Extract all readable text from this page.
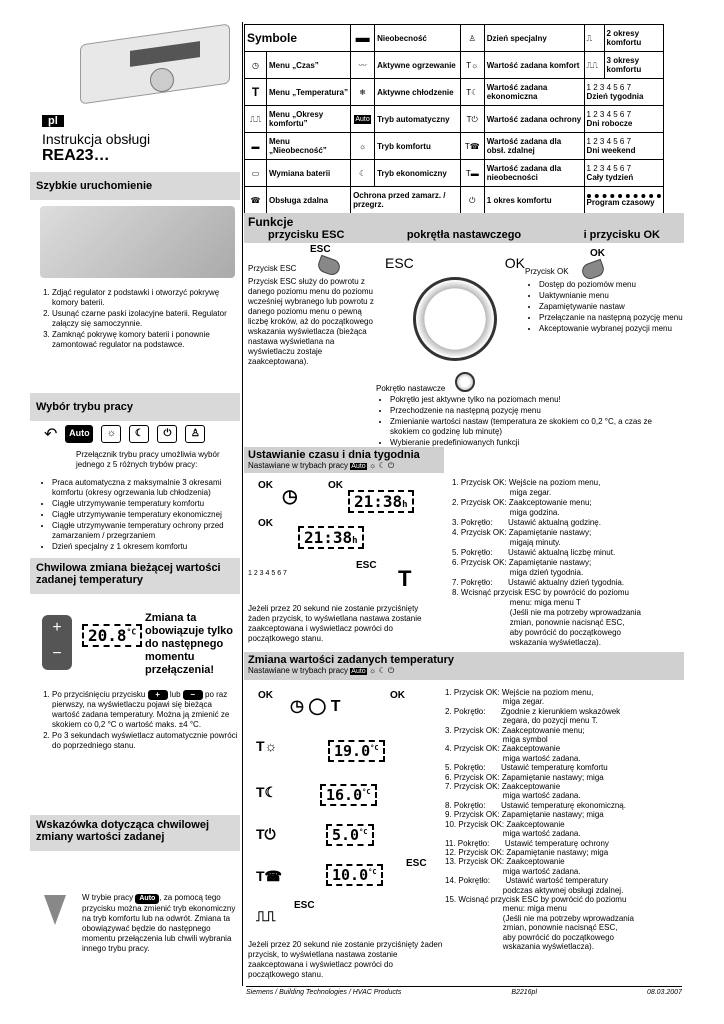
pl
Instrukcja obsługi
REA23…
Szybkie uruchomienie
1. Zdjąć regulator z podstawki i otworzyć pokrywę komory baterii.
2. Usunąć czarne paski izolacyjne baterii. Regulator załączy się samoczynnie.
3. Zamknąć pokrywę komory baterii i ponownie zamontować regulator na podstawce.
Wybór trybu pracy
↶	Auto	☼	☾	⏻	♙
Przełącznik trybu pracy umożliwia wybór jednego z 5 różnych trybów pracy:
• Praca automatyczna z maksymalnie 3 okresami komfortu (okresy ogrzewania lub chłodzenia)
• Ciągłe utrzymywanie temperatury komfortu
• Ciągłe utrzymywanie temperatury ekonomicznej
• Ciągłe utrzymywanie temperatury ochrony przed zamarzaniem / przegrzaniem
• Dzień specjalny z 1 okresem komfortu
Chwilowa zmiana bieżącej wartości zadanej temperatury
+
−
$20.8^{^\circ C}$
Zmiana ta obowiązuje tylko do następnego momentu przełączenia!
1. Po przyciśnięciu przycisku + lub − po raz pierwszy, na wyświetlaczu pojawi się bieżąca wartość zadana temperatury. Można ją zmienić ze skokiem co 0,2 °C o wartość maks. ±4 °C.
2. Po 3 sekundach wyświetlacz automatycznie powróci do poprzedniego stanu.
Wskazówka dotycząca chwilowej zmiany wartości zadanej
W trybie pracy Auto , za pomocą tego przycisku można zmienić tryb ekonomiczny na tryb komfortu lub na odwrót. Zmiana ta obowiązywać będzie do następnego momentu przełączenia lub chwili wybrania innego trybu pracy.
Symbole		▬	Nieobecność	♙	Dzień specjalny	⎍	2 okresy komfortu
◷	Menu „Czas”	〰	Aktywne ogrzewanie	T☼	Wartość zadana komfort	⎍⎍	3 okresy komfortu
T	Menu „Temperatura”	❄	Aktywne chłodzenie	T☾	Wartość zadana ekonomiczna	1 2 3 4 5 6 7
Dzień tygodnia	

⎍⎍	Menu „Okresy komfortu”	Auto	Tryb automatyczny	T⏻	Wartość zadana ochrony	1 2 3 4 5 6 7
Dni robocze	

▬	Menu „Nieobecność”	☼	Tryb komfortu	T☎	Wartość zadana dla obsł. zdalnej	1 2 3 4 5 6 7
Dni weekend	

▭	Wymiana baterii	☾	Tryb ekonomiczny	T▬	Wartość zadana dla nieobecności	1 2 3 4 5 6 7
Cały tydzień	

☎	Obsługa zdalna	Ochrona przed zamarz. / przegrz.		⏻	1 okres komfortu	Program czasowy	
Funkcje
przycisku ESC	pokrętła nastawczego	i przycisku OK
ESC	OK
Przycisk ESC
Przycisk ESC służy do powrotu z danego poziomu menu do poziomu wcześniej wybranego lub powrotu z danego poziomu menu o pewną liczbę kroków, aż do początkowego wskazania wyświetlacza (bieżąca nastawa wyświetlana na wyświetlaczu zostaje zaakceptowana).
ESC	OK
Przycisk OK
• Dostęp do poziomów menu
• Uaktywnianie menu
• Zapamiętywanie nastaw
• Przełączanie na następną pozycję menu
• Akceptowanie wybranej pozycji menu
Pokrętło nastawcze
• Pokrętło jest aktywne tylko na poziomach menu!
• Przechodzenie na następną pozycję menu
• Zmienianie wartości nastaw (temperatura ze skokiem co 0,2 °C, a czas ze skokiem co godzinę lub minutę)
• Wybieranie predefiniowanych funkcji
Ustawianie czasu i dnia tygodnia
Nastawiane w trybach pracy Auto ☼ ☾ ⏻
OK	OK
◷	21:38h
OK
21:38h
1 2 3 4 5 6 7
ESC
T
Jeżeli przez 20 sekund nie zostanie przyciśnięty żaden przycisk, to wyświetlana nastawa zostanie zaakceptowana i wyświetlacz powróci do początkowego stanu.
1. Przycisk OK: Wejście na poziom menu,
miga zegar.
2. Przycisk OK: Zaakceptowanie menu;
miga godzina.
3. Pokrętło:       Ustawić aktualną godzinę.
4. Przycisk OK: Zapamiętanie nastawy;
migają minuty.
5. Pokrętło:       Ustawić aktualną liczbę minut.
6. Przycisk OK: Zapamiętanie nastawy;
miga dzień tygodnia.
7. Pokrętło:       Ustawić aktualny dzień tygodnia.
8. Wcisnąć przycisk ESC by powrócić do poziomu
menu: miga menu T
(Jeśli nie ma potrzeby wprowadzania
zmian, ponownie nacisnąć ESC,
aby powrócić do początkowego
wskazania wyświetlacza).
Zmiana wartości zadanych temperatury
Nastawiane w trybach pracy Auto ☼ ☾ ⏻
OK	OK
◷ ◯ T
T☼	$19.0^{^\circ C}$
T☾	$16.0^{^\circ C}$
T⏻	$5.0^{^\circ C}$
T☎	$10.0^{^\circ C}$
ESC
⎍⎍
ESC
Jeżeli przez 20 sekund nie zostanie przyciśnięty żaden przycisk, to wyświetlana nastawa zostanie zaakceptowana i wyświetlacz powróci do początkowego stanu.
1. Przycisk OK: Wejście na poziom menu,
miga zegar.
2. Pokrętło:       Zgodnie z kierunkiem wskazówek
zegara, do pozycji menu T.
3. Przycisk OK: Zaakceptowanie menu;
miga symbol
4. Przycisk OK: Zaakceptowanie
miga wartość zadana.
5. Pokrętło:       Ustawić temperaturę komfortu
6. Przycisk OK: Zapamiętanie nastawy; miga
7. Przycisk OK: Zaakceptowanie
miga wartość zadana.
8. Pokrętło:       Ustawić temperaturę ekonomiczną.
9. Przycisk OK: Zapamiętanie nastawy; miga
10. Przycisk OK: Zaakceptowanie
miga wartość zadana.
11. Pokrętło:       Ustawić temperaturę ochrony
12. Przycisk OK: Zapamiętanie nastawy; miga
13. Przycisk OK: Zaakceptowanie
miga wartość zadana.
14. Pokrętło:       Ustawić wartość temperatury
podczas aktywnej obsługi zdalnej.
15. Wcisnąć przycisk ESC by powrócić do poziomu
menu: miga menu
(Jeśli nie ma potrzeby wprowadzania
zmian, ponownie nacisnąć ESC,
aby powrócić do początkowego
wskazania wyświetlacza).
Siemens / Building Technologies / HVAC Products	B2216pl	08.03.2007
